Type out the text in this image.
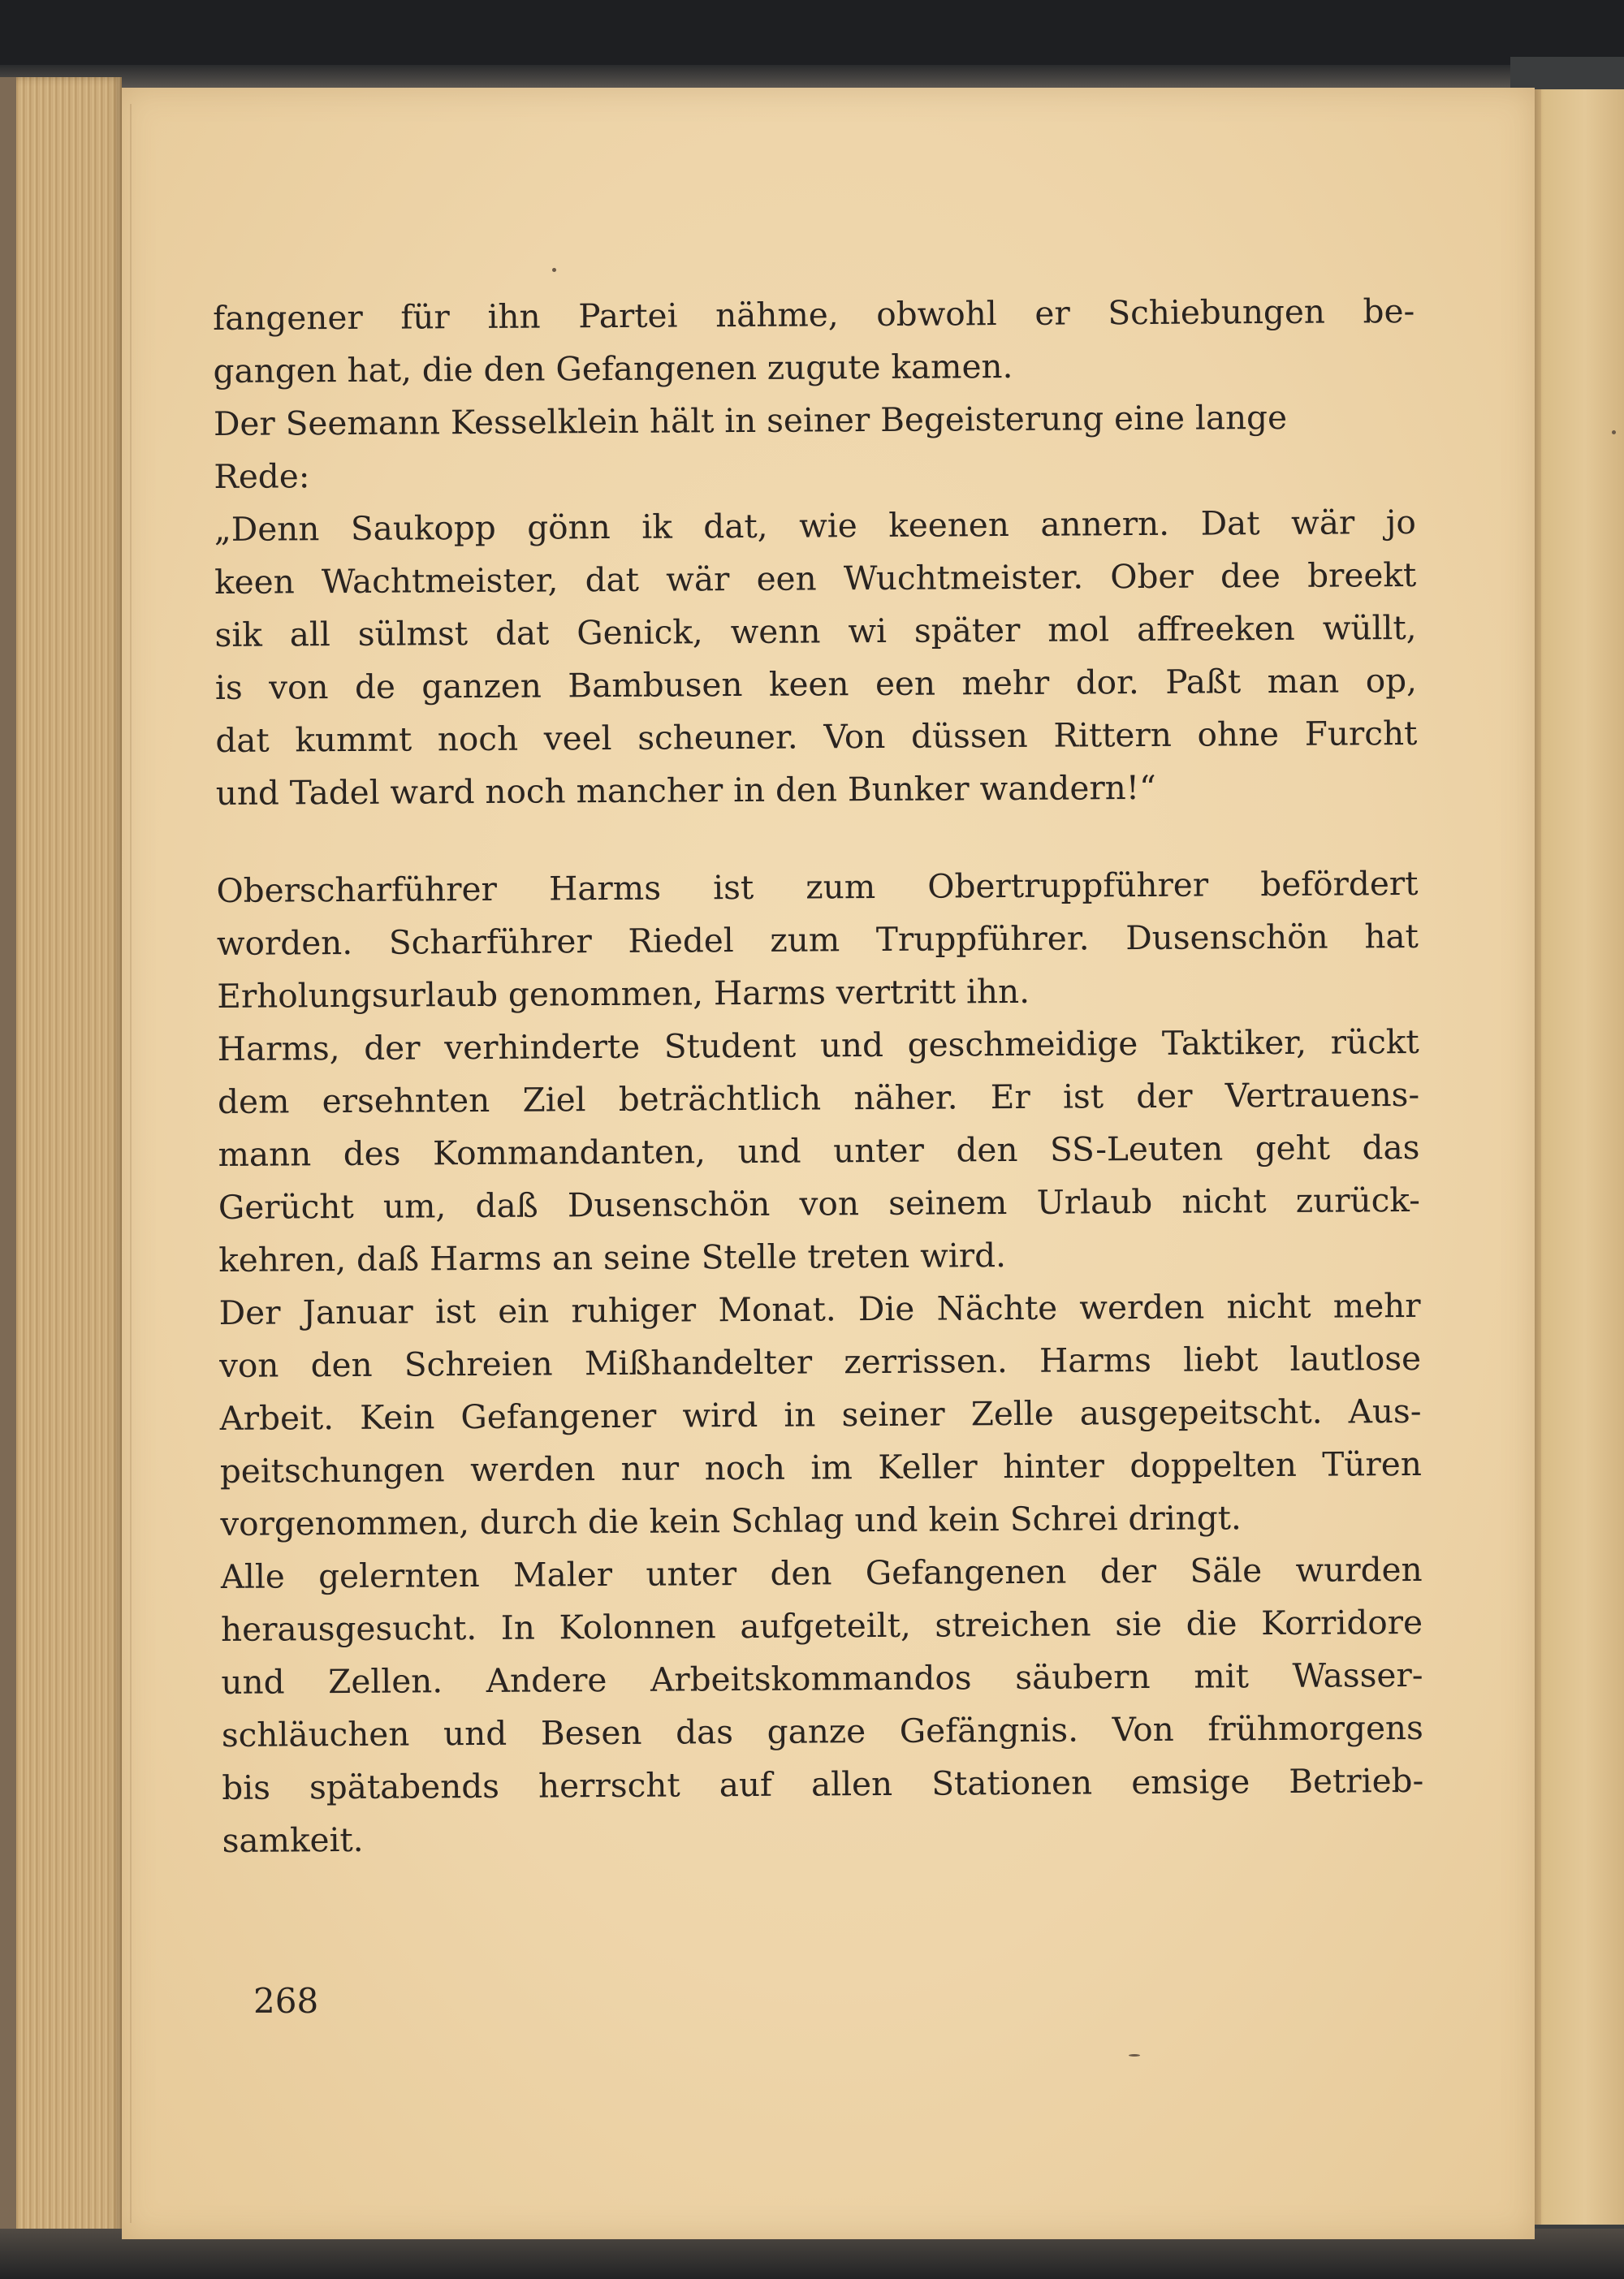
fangener für ihn Partei nähme, obwohl er Schiebungen be-
gangen hat, die den Gefangenen zugute kamen.
Der Seemann Kesselklein hält in seiner Begeisterung eine lange
Rede:
„Denn Saukopp gönn ik dat, wie keenen annern. Dat wär jo
keen Wachtmeister, dat wär een Wuchtmeister. Ober dee breekt
sik all sülmst dat Genick, wenn wi später mol affreeken wüllt,
is von de ganzen Bambusen keen een mehr dor. Paßt man op,
dat kummt noch veel scheuner. Von düssen Rittern ohne Furcht
und Tadel ward noch mancher in den Bunker wandern!“
Oberscharführer Harms ist zum Obertruppführer befördert
worden. Scharführer Riedel zum Truppführer. Dusenschön hat
Erholungsurlaub genommen, Harms vertritt ihn.
Harms, der verhinderte Student und geschmeidige Taktiker, rückt
dem ersehnten Ziel beträchtlich näher. Er ist der Vertrauens-
mann des Kommandanten, und unter den SS-Leuten geht das
Gerücht um, daß Dusenschön von seinem Urlaub nicht zurück-
kehren, daß Harms an seine Stelle treten wird.
Der Januar ist ein ruhiger Monat. Die Nächte werden nicht mehr
von den Schreien Mißhandelter zerrissen. Harms liebt lautlose
Arbeit. Kein Gefangener wird in seiner Zelle ausgepeitscht. Aus-
peitschungen werden nur noch im Keller hinter doppelten Türen
vorgenommen, durch die kein Schlag und kein Schrei dringt.
Alle gelernten Maler unter den Gefangenen der Säle wurden
herausgesucht. In Kolonnen aufgeteilt, streichen sie die Korridore
und Zellen. Andere Arbeitskommandos säubern mit Wasser-
schläuchen und Besen das ganze Gefängnis. Von frühmorgens
bis spätabends herrscht auf allen Stationen emsige Betrieb-
samkeit.
268
